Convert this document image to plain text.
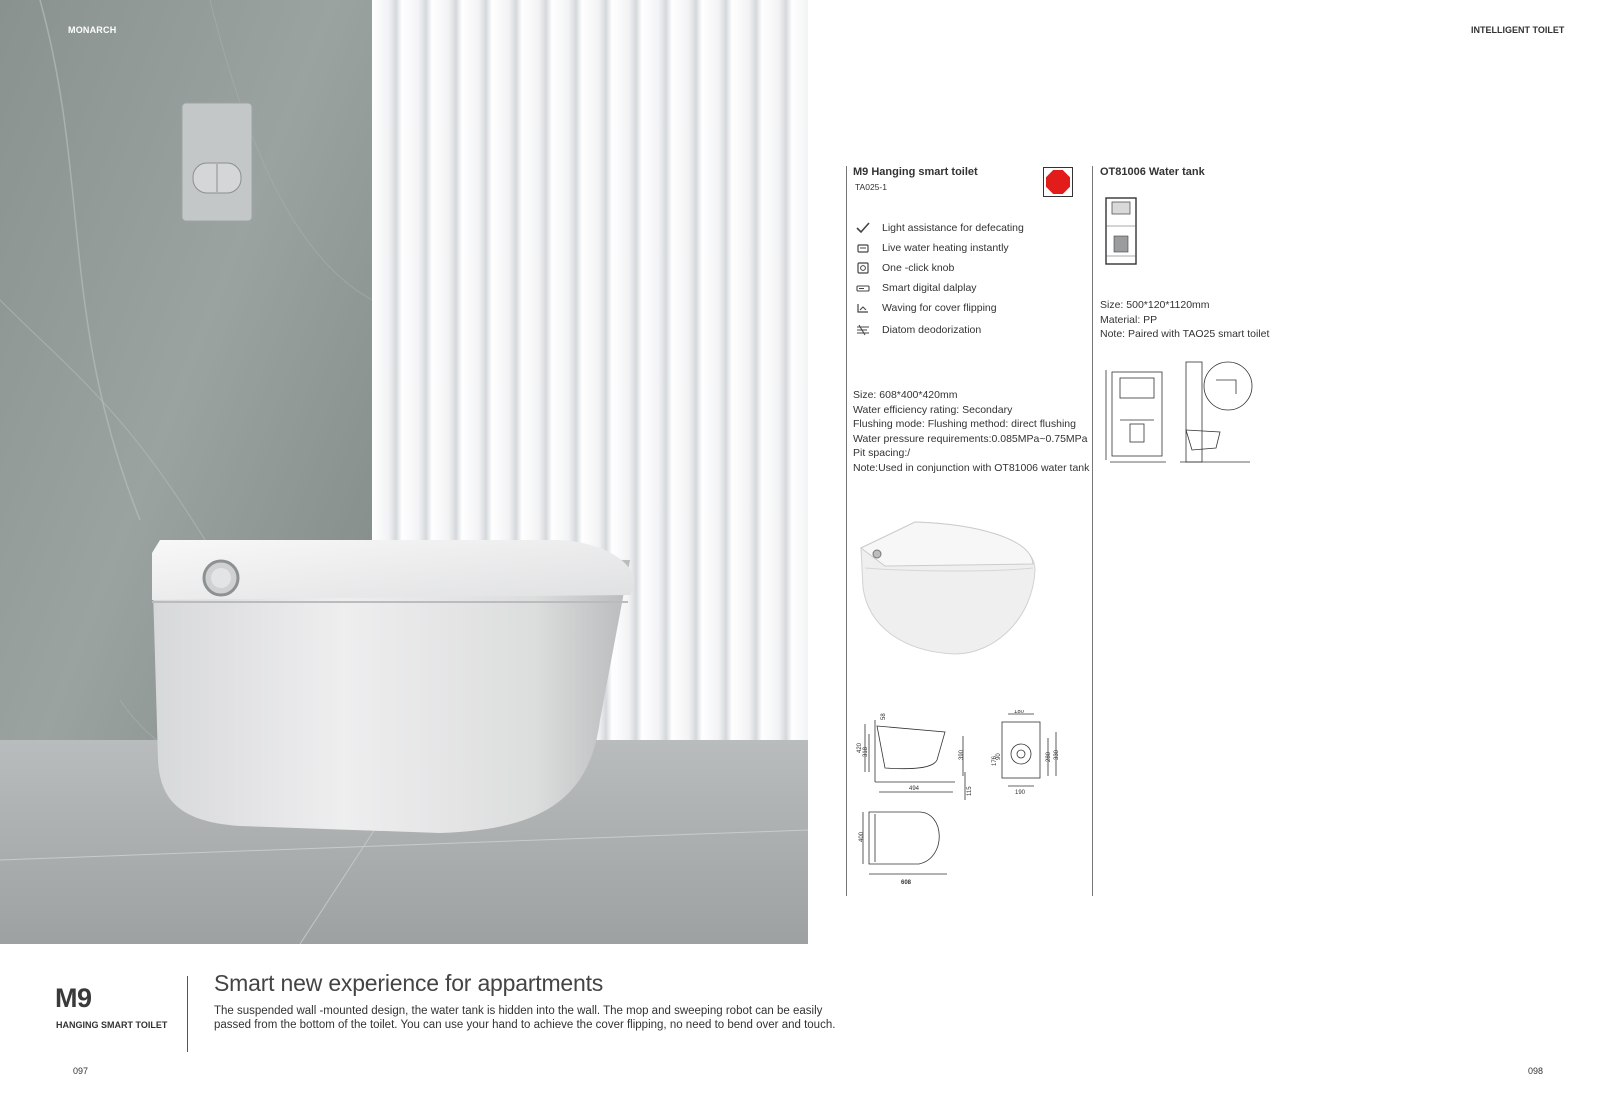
MONARCH
M9
HANGING SMART TOILET
Smart new experience for appartments
The suspended wall -mounted design, the water tank is hidden into the wall. The mop and sweeping robot can be easily passed from the bottom of the toilet. You can use your hand to achieve the cover flipping, no need to bend over and touch.
097
INTELLIGENT TOILET
098
M9 Hanging smart toilet
TA025-1
Light assistance for defecating
Live water heating instantly
One -click knob
Smart digital dalplay
Waving for cover flipping
Diatom deodorization
Size: 608*400*420mm
Water efficiency rating: Secondary
Flushing mode: Flushing method: direct flushing
Water pressure requirements:0.085MPa~0.75MPa
Pit spacing:/
Note:Used in conjunction with OT81006 water tank
420 318
58
390
494	115
180
190
176
90	280 330
400
608
OT81006 Water tank
Size: 500*120*1120mm
Material: PP
Note: Paired with TAO25 smart toilet
